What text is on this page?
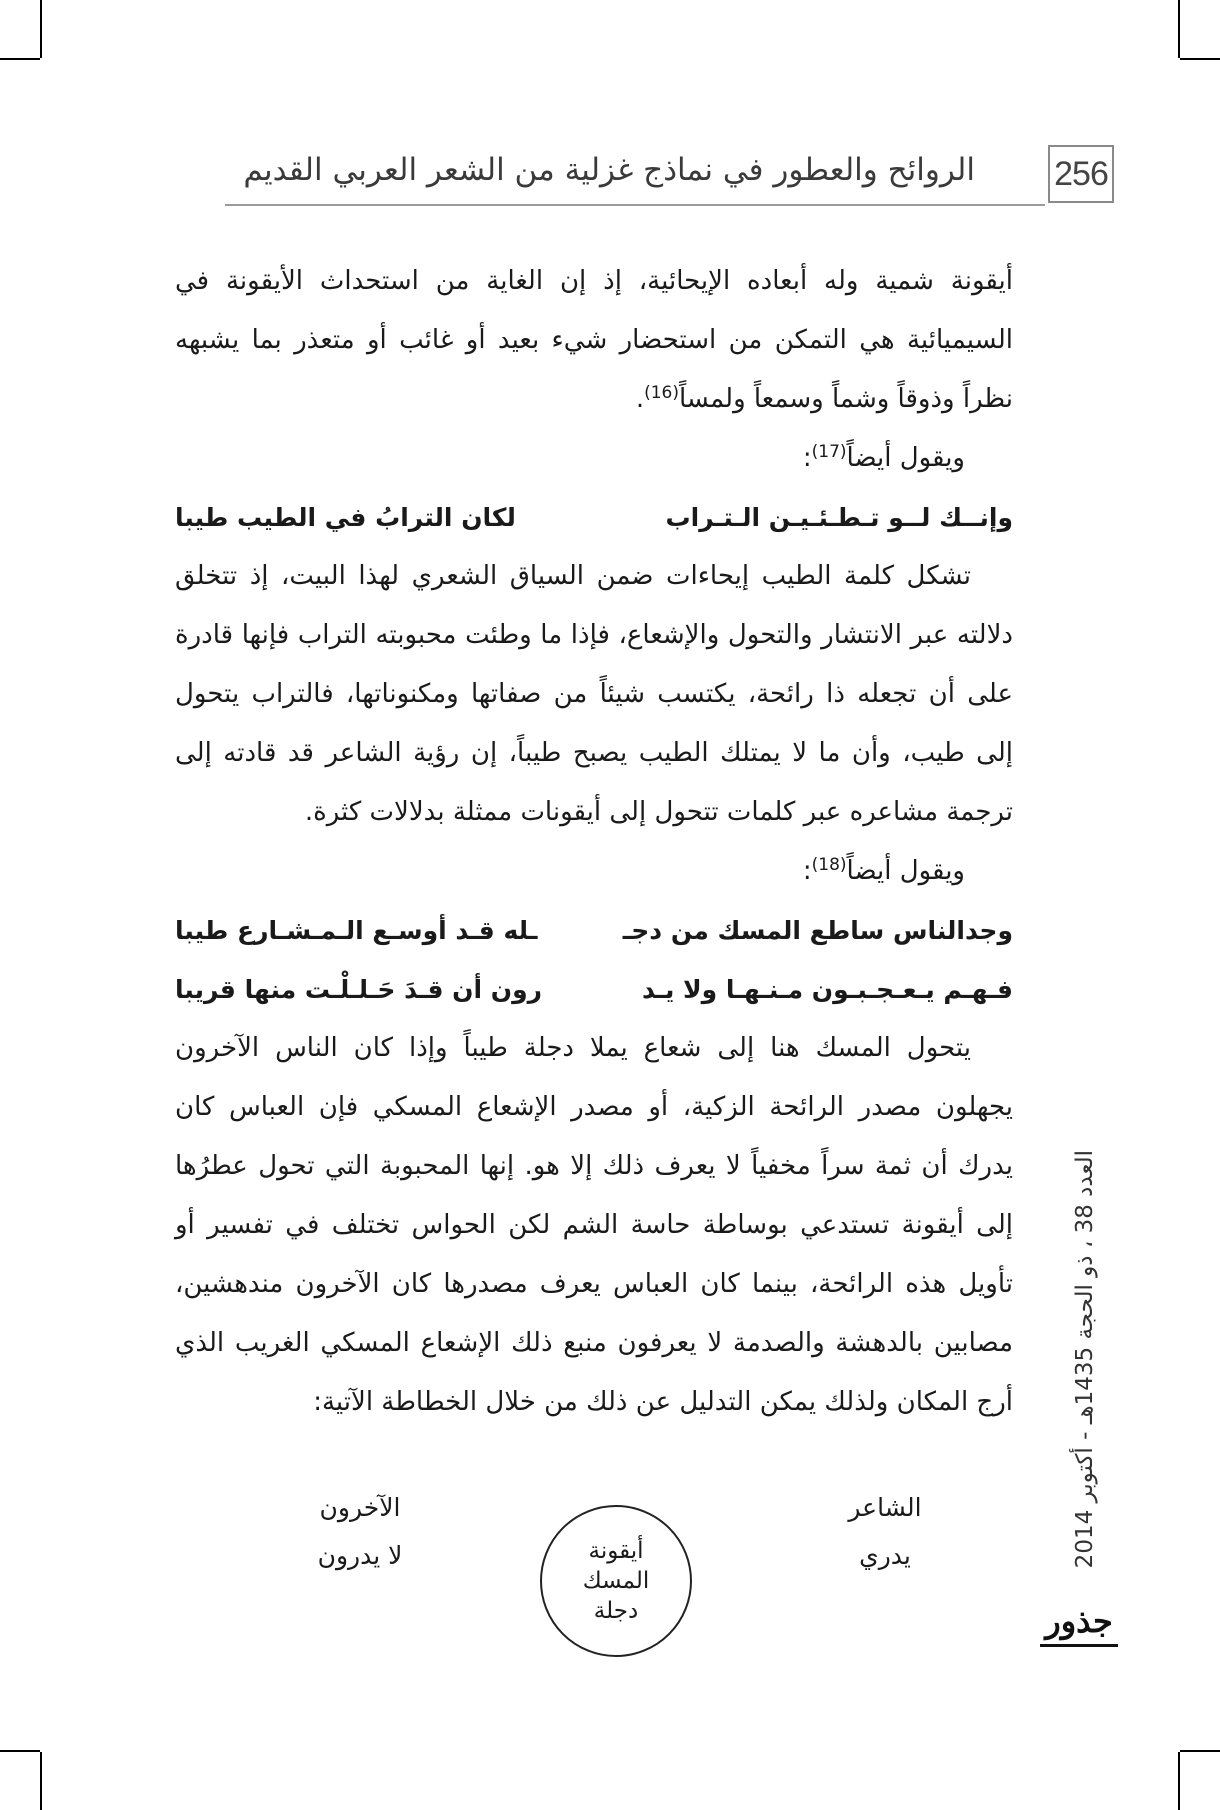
256
الروائح والعطور في نماذج غزلية من الشعر العربي القديم

أيقونة شمية وله أبعاده الإيحائية، إذ إن الغاية من استحداث الأيقونة في السيميائية هي التمكن من استحضار شيء بعيد أو غائب أو متعذر بما يشبهه نظراً وذوقاً وشماً وسمعاً ولمساً$^{(16)}$.

ويقول أيضاً$^{(17)}$:

وإنــك لــو تـطـئـيـن الـتـراب
لكان الترابُ في الطيب طيبا

تشكل كلمة الطيب إيحاءات ضمن السياق الشعري لهذا البيت، إذ تتخلق دلالته عبر الانتشار والتحول والإشعاع، فإذا ما وطئت محبوبته التراب فإنها قادرة على أن تجعله ذا رائحة، يكتسب شيئاً من صفاتها ومكنوناتها، فالتراب يتحول إلى طيب، وأن ما لا يمتلك الطيب يصبح طيباً، إن رؤية الشاعر قد قادته إلى ترجمة مشاعره عبر كلمات تتحول إلى أيقونات ممثلة بدلالات كثرة.

ويقول أيضاً$^{(18)}$:

وجدالناس ساطع المسك من دجـ
ـله قـد أوسـع الـمـشـارع طيبا
فـهـم يـعـجـبـون مـنـهـا ولا يـد
رون أن قـدَ حَـلـلْـت منها قريبا

يتحول المسك هنا إلى شعاع يملا دجلة طيباً وإذا كان الناس الآخرون يجهلون مصدر الرائحة الزكية، أو مصدر الإشعاع المسكي فإن العباس كان يدرك أن ثمة سراً مخفياً لا يعرف ذلك إلا هو. إنها المحبوبة التي تحول عطرُها إلى أيقونة تستدعي بوساطة حاسة الشم لكن الحواس تختلف في تفسير أو تأويل هذه الرائحة، بينما كان العباس يعرف مصدرها كان الآخرون مندهشين، مصابين بالدهشة والصدمة لا يعرفون منبع ذلك الإشعاع المسكي الغريب الذي أرج المكان ولذلك يمكن التدليل عن ذلك من خلال الخطاطة الآتية:

الشاعر
يدري
أيقونة
المسك
دجلة
الآخرون
لا يدرون	العدد 38 ، ذو الحجة 1435هـ - أكتوبر 2014
جذور
